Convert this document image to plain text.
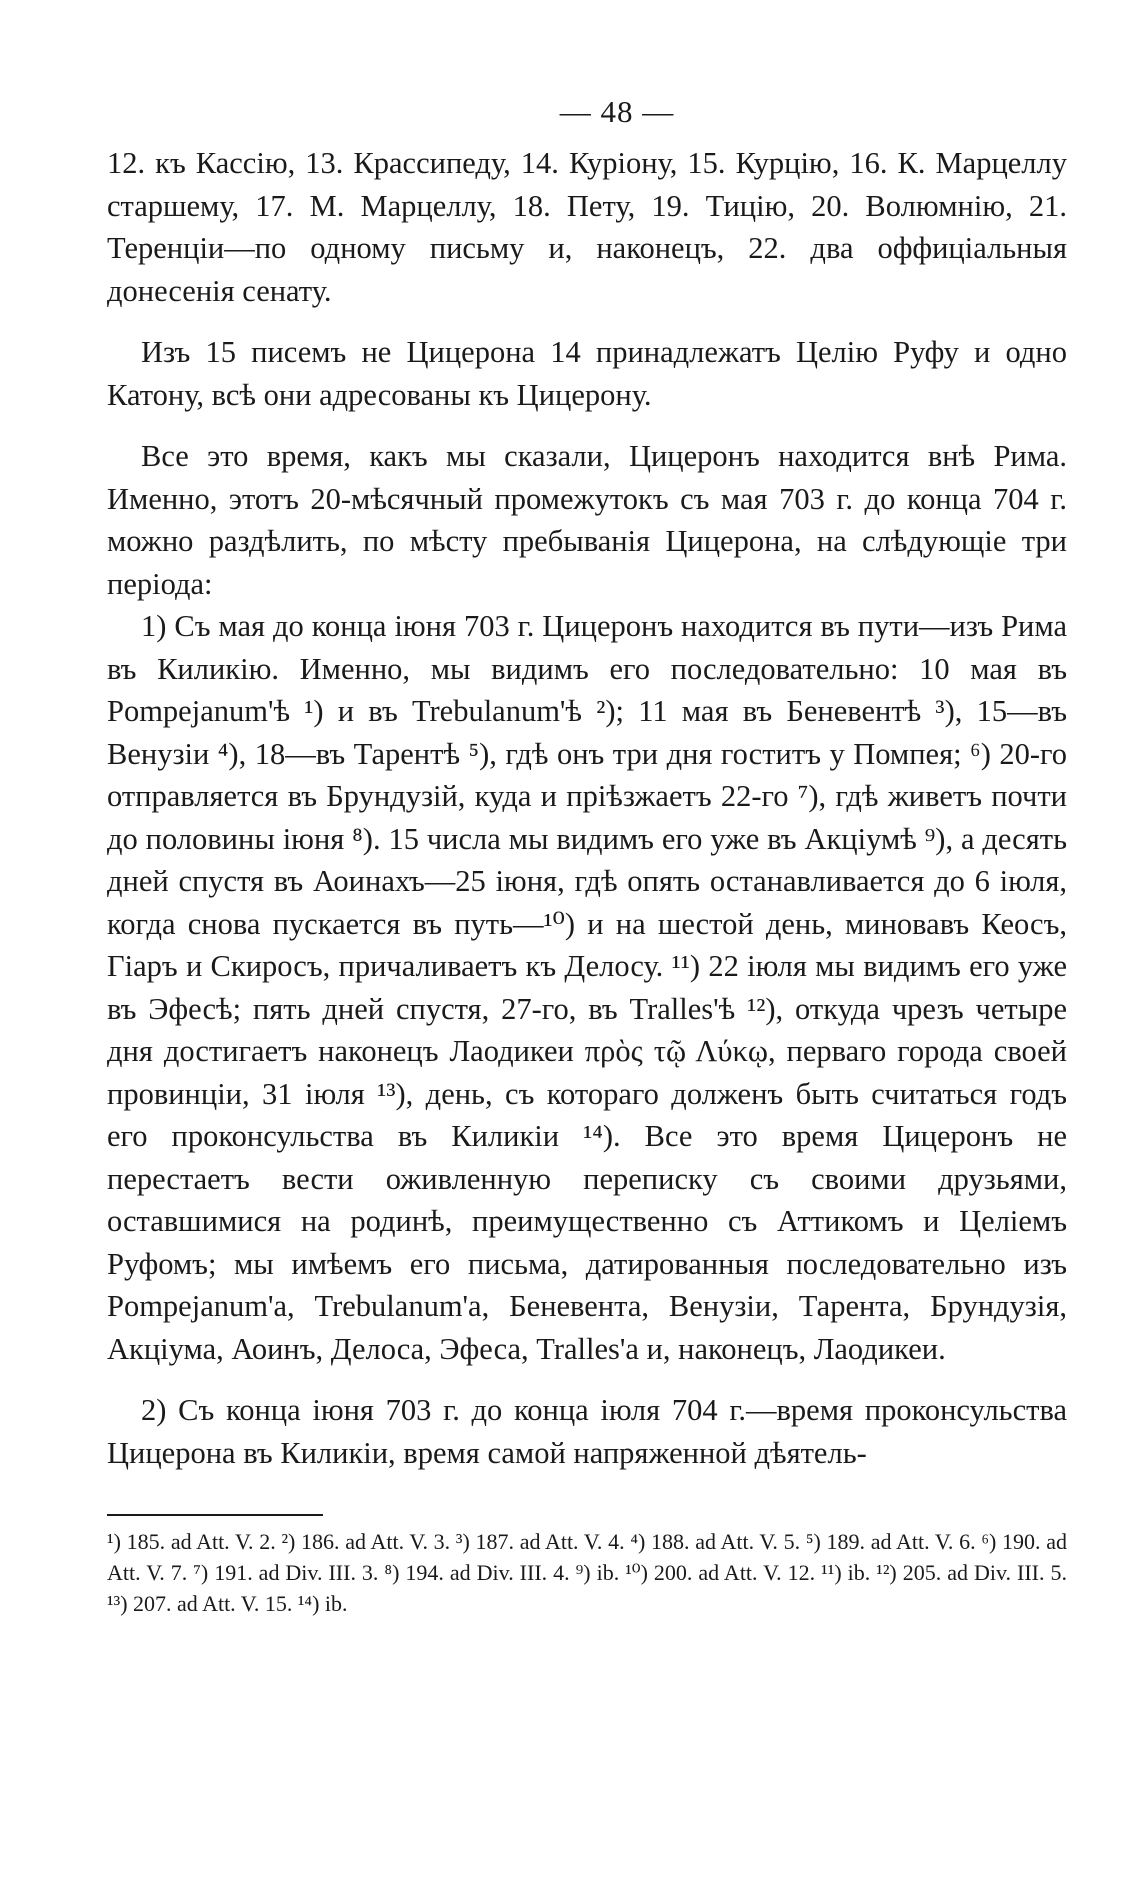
— 48 —

12. къ Кассію, 13. Крассипеду, 14. Куріону, 15. Курцію, 16. К. Марцеллу старшему, 17. М. Марцеллу, 18. Пету, 19. Тицію, 20. Волюмнію, 21. Теренціи—по одному письму и, наконецъ, 22. два оффиціальныя донесенія сенату.

Изъ 15 писемъ не Цицерона 14 принадлежатъ Целію Руфу и одно Катону, всѣ они адресованы къ Цицерону.

Все это время, какъ мы сказали, Цицеронъ находится внѣ Рима. Именно, этотъ 20-мѣсячный промежутокъ съ мая 703 г. до конца 704 г. можно раздѣлить, по мѣсту пребыванія Цицерона, на слѣдующіе три періода:

1) Съ мая до конца іюня 703 г. Цицеронъ находится въ пути—изъ Рима въ Киликію. Именно, мы видимъ его последовательно: 10 мая въ Pompejanum'ѣ ¹) и въ Trebulanum'ѣ ²); 11 мая въ Беневентѣ ³), 15—въ Венузіи ⁴), 18—въ Тарентѣ ⁵), гдѣ онъ три дня гоститъ у Помпея; ⁶) 20-го отправляется въ Брундузій, куда и пріѣзжаетъ 22-го ⁷), гдѣ живетъ почти до половины іюня ⁸). 15 числа мы видимъ его уже въ Акціумѣ ⁹), а десять дней спустя въ Аоинахъ—25 іюня, гдѣ опять останавливается до 6 іюля, когда снова пускается въ путь—¹⁰) и на шестой день, миновавъ Кеосъ, Гіаръ и Скиросъ, причаливаетъ къ Делосу. ¹¹) 22 іюля мы видимъ его уже въ Эфесѣ; пять дней спустя, 27-го, въ Tralles'ѣ ¹²), откуда чрезъ четыре дня достигаетъ наконецъ Лаодикеи πρὸς τῷ Λύκῳ, перваго города своей провинціи, 31 іюля ¹³), день, съ котораго долженъ быть считаться годъ его проконсульства въ Киликіи ¹⁴). Все это время Цицеронъ не перестаетъ вести оживленную переписку съ своими друзьями, оставшимися на родинѣ, преимущественно съ Аттикомъ и Целіемъ Руфомъ; мы имѣемъ его письма, датированныя последовательно изъ Pompejanum'а, Trebulanum'а, Беневента, Венузіи, Тарента, Брундузія, Акціума, Аоинъ, Делоса, Эфеса, Tralles'а и, наконецъ, Лаодикеи.

2) Съ конца іюня 703 г. до конца іюля 704 г.—время проконсульства Цицерона въ Киликіи, время самой напряженной дѣятель-

¹) 185. ad Att. V. 2. ²) 186. ad Att. V. 3. ³) 187. ad Att. V. 4. ⁴) 188. ad Att. V. 5. ⁵) 189. ad Att. V. 6. ⁶) 190. ad Att. V. 7. ⁷) 191. ad Div. III. 3. ⁸) 194. ad Div. III. 4. ⁹) ib. ¹⁰) 200. ad Att. V. 12. ¹¹) ib. ¹²) 205. ad Div. III. 5. ¹³) 207. ad Att. V. 15. ¹⁴) ib.
